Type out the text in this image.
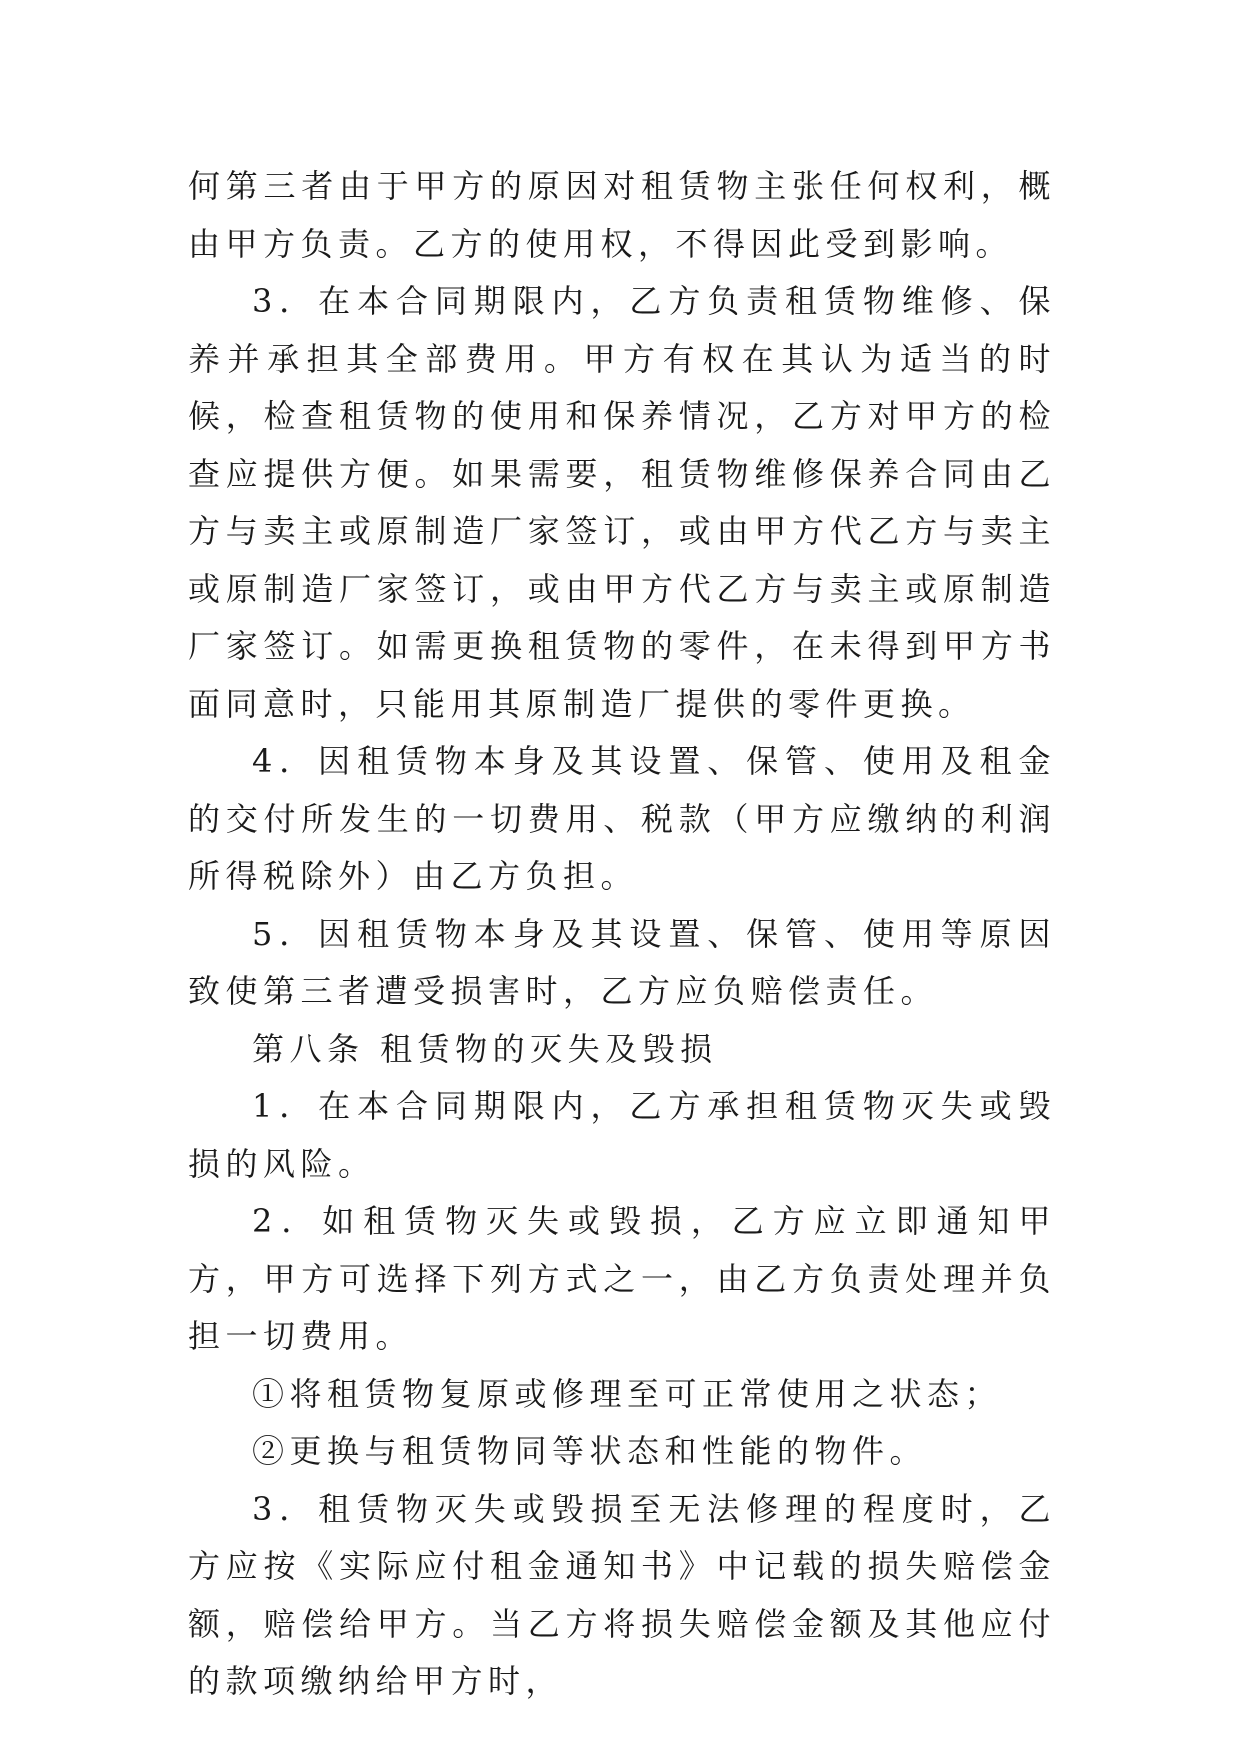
何第三者由于甲方的原因对租赁物主张任何权利，概由甲方负责。乙方的使用权，不得因此受到影响。

3．在本合同期限内，乙方负责租赁物维修、保养并承担其全部费用。甲方有权在其认为适当的时候，检查租赁物的使用和保养情况，乙方对甲方的检查应提供方便。如果需要，租赁物维修保养合同由乙方与卖主或原制造厂家签订，或由甲方代乙方与卖主或原制造厂家签订，或由甲方代乙方与卖主或原制造厂家签订。如需更换租赁物的零件，在未得到甲方书面同意时，只能用其原制造厂提供的零件更换。

4．因租赁物本身及其设置、保管、使用及租金的交付所发生的一切费用、税款（甲方应缴纳的利润所得税除外）由乙方负担。

5．因租赁物本身及其设置、保管、使用等原因致使第三者遭受损害时，乙方应负赔偿责任。

第八条 租赁物的灭失及毁损

1．在本合同期限内，乙方承担租赁物灭失或毁损的风险。

2．如租赁物灭失或毁损，乙方应立即通知甲方，甲方可选择下列方式之一，由乙方负责处理并负担一切费用。

①将租赁物复原或修理至可正常使用之状态；

②更换与租赁物同等状态和性能的物件。

3．租赁物灭失或毁损至无法修理的程度时，乙方应按《实际应付租金通知书》中记载的损失赔偿金额，赔偿给甲方。当乙方将损失赔偿金额及其他应付的款项缴纳给甲方时，
